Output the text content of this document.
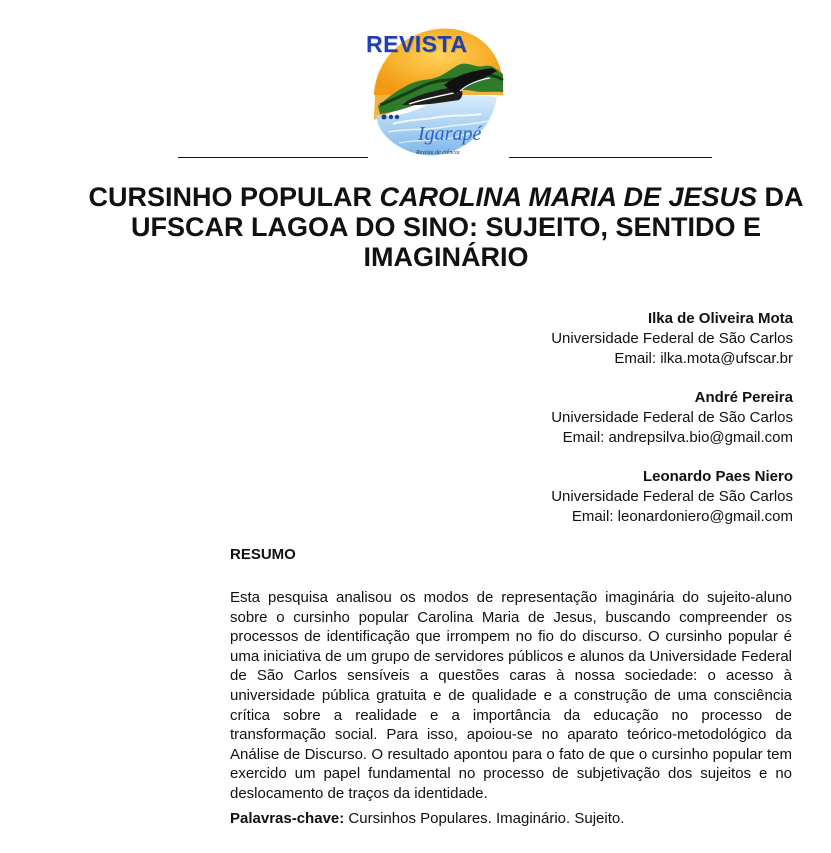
REVISTA
Igarapé
Revista de ciência
CURSINHO POPULAR CAROLINA MARIA DE JESUS DA UFSCAR LAGOA DO SINO: SUJEITO, SENTIDO E IMAGINÁRIO
Ilka de Oliveira Mota
Universidade Federal de São Carlos
Email: ilka.mota@ufscar.br
André Pereira
Universidade Federal de São Carlos
Email: andrepsilva.bio@gmail.com
Leonardo Paes Niero
Universidade Federal de São Carlos
Email: leonardoniero@gmail.com
RESUMO

Esta pesquisa analisou os modos de representação imaginária do sujeito-aluno sobre o cursinho popular Carolina Maria de Jesus, buscando compreender os processos de identificação que irrompem no fio do discurso. O cursinho popular é uma iniciativa de um grupo de servidores públicos e alunos da Universidade Federal de São Carlos sensíveis a questões caras à nossa sociedade: o acesso à universidade pública gratuita e de qualidade e a construção de uma consciência crítica sobre a realidade e a importância da educação no processo de transformação social. Para isso, apoiou-se no aparato teórico-metodológico da Análise de Discurso. O resultado apontou para o fato de que o cursinho popular tem exercido um papel fundamental no processo de subjetivação dos sujeitos e no deslocamento de traços da identidade.

Palavras-chave: Cursinhos Populares. Imaginário. Sujeito.
